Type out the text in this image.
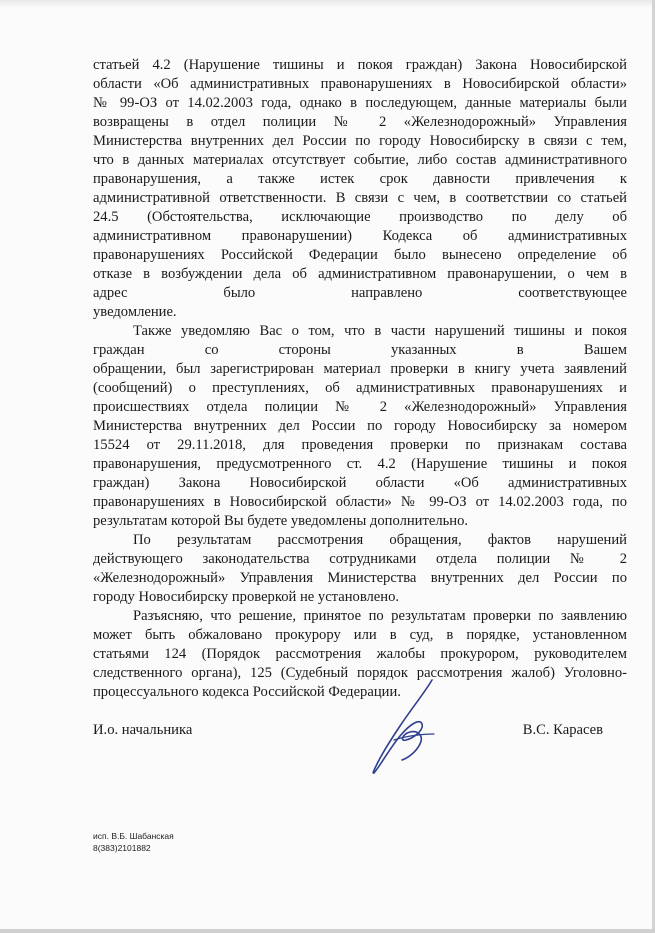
статьей 4.2 (Нарушение тишины и покоя граждан) Закона Новосибирской
области «Об административных правонарушениях в Новосибирской области»
№ 99-ОЗ от 14.02.2003 года, однако в последующем, данные материалы были
возвращены в отдел полиции № 2 «Железнодорожный» Управления
Министерства внутренних дел России по городу Новосибирску в связи с тем,
что в данных материалах отсутствует событие, либо состав административного
правонарушения, а также истек срок давности привлечения к
административной ответственности. В связи с чем, в соответствии со статьей
24.5 (Обстоятельства, исключающие производство по делу об
административном правонарушении) Кодекса об административных
правонарушениях Российской Федерации было вынесено определение об
отказе в возбуждении дела об административном правонарушении, о чем в
адрес было направлено соответствующее
уведомление.
Также уведомляю Вас о том, что в части нарушений тишины и покоя
граждан со стороны указанных в Вашем
обращении, был зарегистрирован материал проверки в книгу учета заявлений
(сообщений) о преступлениях, об административных правонарушениях и
происшествиях отдела полиции № 2 «Железнодорожный» Управления
Министерства внутренних дел России по городу Новосибирску за номером
15524 от 29.11.2018, для проведения проверки по признакам состава
правонарушения, предусмотренного ст. 4.2 (Нарушение тишины и покоя
граждан) Закона Новосибирской области «Об административных
правонарушениях в Новосибирской области» № 99-ОЗ от 14.02.2003 года, по
результатам которой Вы будете уведомлены дополнительно.
По результатам рассмотрения обращения, фактов нарушений
действующего законодательства сотрудниками отдела полиции № 2
«Железнодорожный» Управления Министерства внутренних дел России по
городу Новосибирску проверкой не установлено.
Разъясняю, что решение, принятое по результатам проверки по заявлению
может быть обжаловано прокурору или в суд, в порядке, установленном
статьями 124 (Порядок рассмотрения жалобы прокурором, руководителем
следственного органа), 125 (Судебный порядок рассмотрения жалоб) Уголовно-
процессуального кодекса Российской Федерации.
И.о. начальника	В.С. Карасев
исп. В.Б. Шабанская
8(383)2101882
